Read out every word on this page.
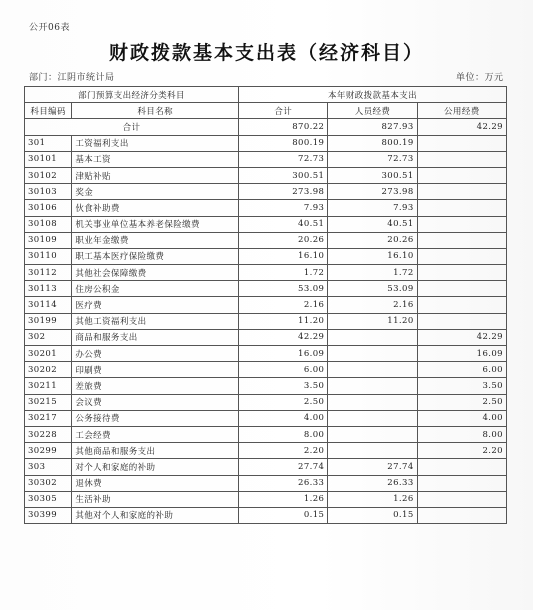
公开06表
财政拨款基本支出表（经济科目）
部门：江阴市统计局	单位：万元
部门预算支出经济分类科目		本年财政拨款基本支出		
科目编码	科目名称	合计	人员经费	公用经费
合计		870.22	827.93	42.29
301	工资福利支出	800.19	800.19	
30101	基本工资	72.73	72.73	
30102	津贴补贴	300.51	300.51	
30103	奖金	273.98	273.98	
30106	伙食补助费	7.93	7.93	
30108	机关事业单位基本养老保险缴费	40.51	40.51	
30109	职业年金缴费	20.26	20.26	
30110	职工基本医疗保险缴费	16.10	16.10	
30112	其他社会保障缴费	1.72	1.72	
30113	住房公积金	53.09	53.09	
30114	医疗费	2.16	2.16	
30199	其他工资福利支出	11.20	11.20	
302	商品和服务支出	42.29		42.29
30201	办公费	16.09		16.09
30202	印刷费	6.00		6.00
30211	差旅费	3.50		3.50
30215	会议费	2.50		2.50
30217	公务接待费	4.00		4.00
30228	工会经费	8.00		8.00
30299	其他商品和服务支出	2.20		2.20
303	对个人和家庭的补助	27.74	27.74	
30302	退休费	26.33	26.33	
30305	生活补助	1.26	1.26	
30399	其他对个人和家庭的补助	0.15	0.15	
